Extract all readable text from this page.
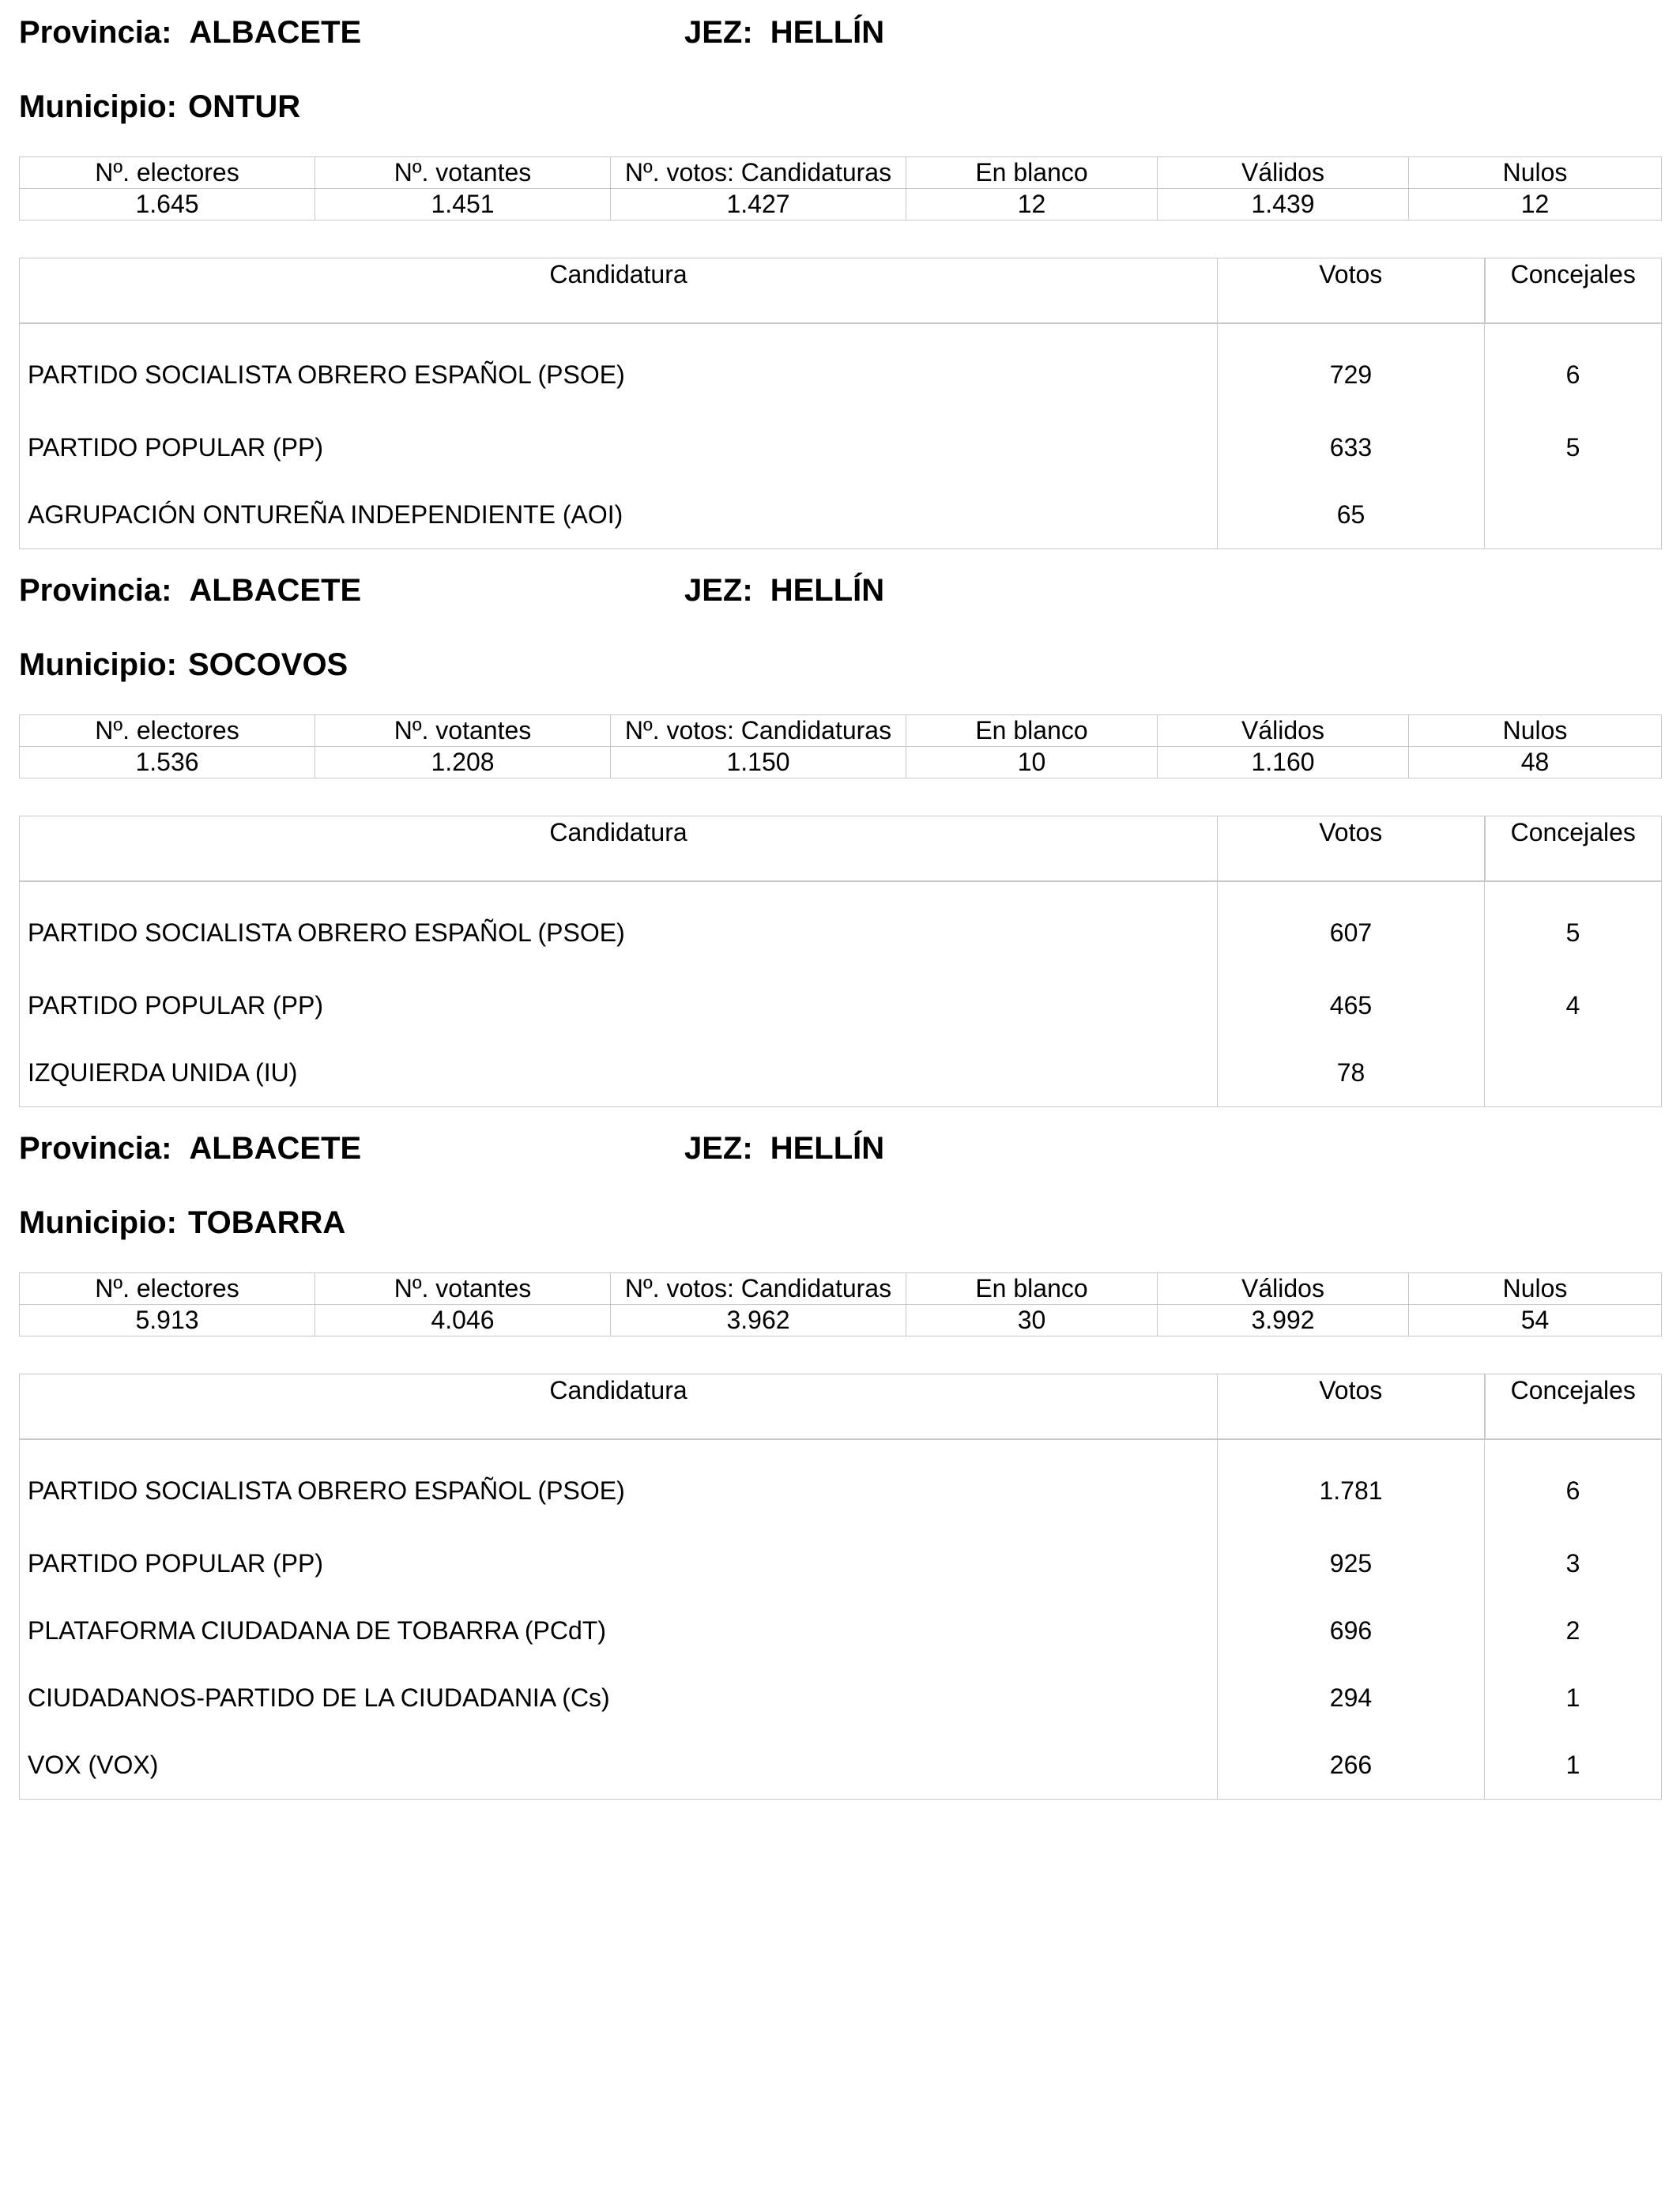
Provincia: ALBACETE	JEZ: HELLÍN
Municipio: ONTUR
Nº. electores	Nº. votantes	Nº. votos: Candidaturas	En blanco	Válidos	Nulos
1.645	1.451	1.427	12	1.439	12
Candidatura	Votos	Concejales
PARTIDO SOCIALISTA OBRERO ESPAÑOL (PSOE)	729	6
PARTIDO POPULAR (PP)	633	5
AGRUPACIÓN ONTUREÑA INDEPENDIENTE (AOI)	65	
Provincia: ALBACETE	JEZ: HELLÍN
Municipio: SOCOVOS
Nº. electores	Nº. votantes	Nº. votos: Candidaturas	En blanco	Válidos	Nulos
1.536	1.208	1.150	10	1.160	48
Candidatura	Votos	Concejales
PARTIDO SOCIALISTA OBRERO ESPAÑOL (PSOE)	607	5
PARTIDO POPULAR (PP)	465	4
IZQUIERDA UNIDA (IU)	78	
Provincia: ALBACETE	JEZ: HELLÍN
Municipio: TOBARRA
Nº. electores	Nº. votantes	Nº. votos: Candidaturas	En blanco	Válidos	Nulos
5.913	4.046	3.962	30	3.992	54
Candidatura	Votos	Concejales
PARTIDO SOCIALISTA OBRERO ESPAÑOL (PSOE)	1.781	6
PARTIDO POPULAR (PP)	925	3
PLATAFORMA CIUDADANA DE TOBARRA (PCdT)	696	2
CIUDADANOS-PARTIDO DE LA CIUDADANIA (Cs)	294	1
VOX (VOX)	266	1
